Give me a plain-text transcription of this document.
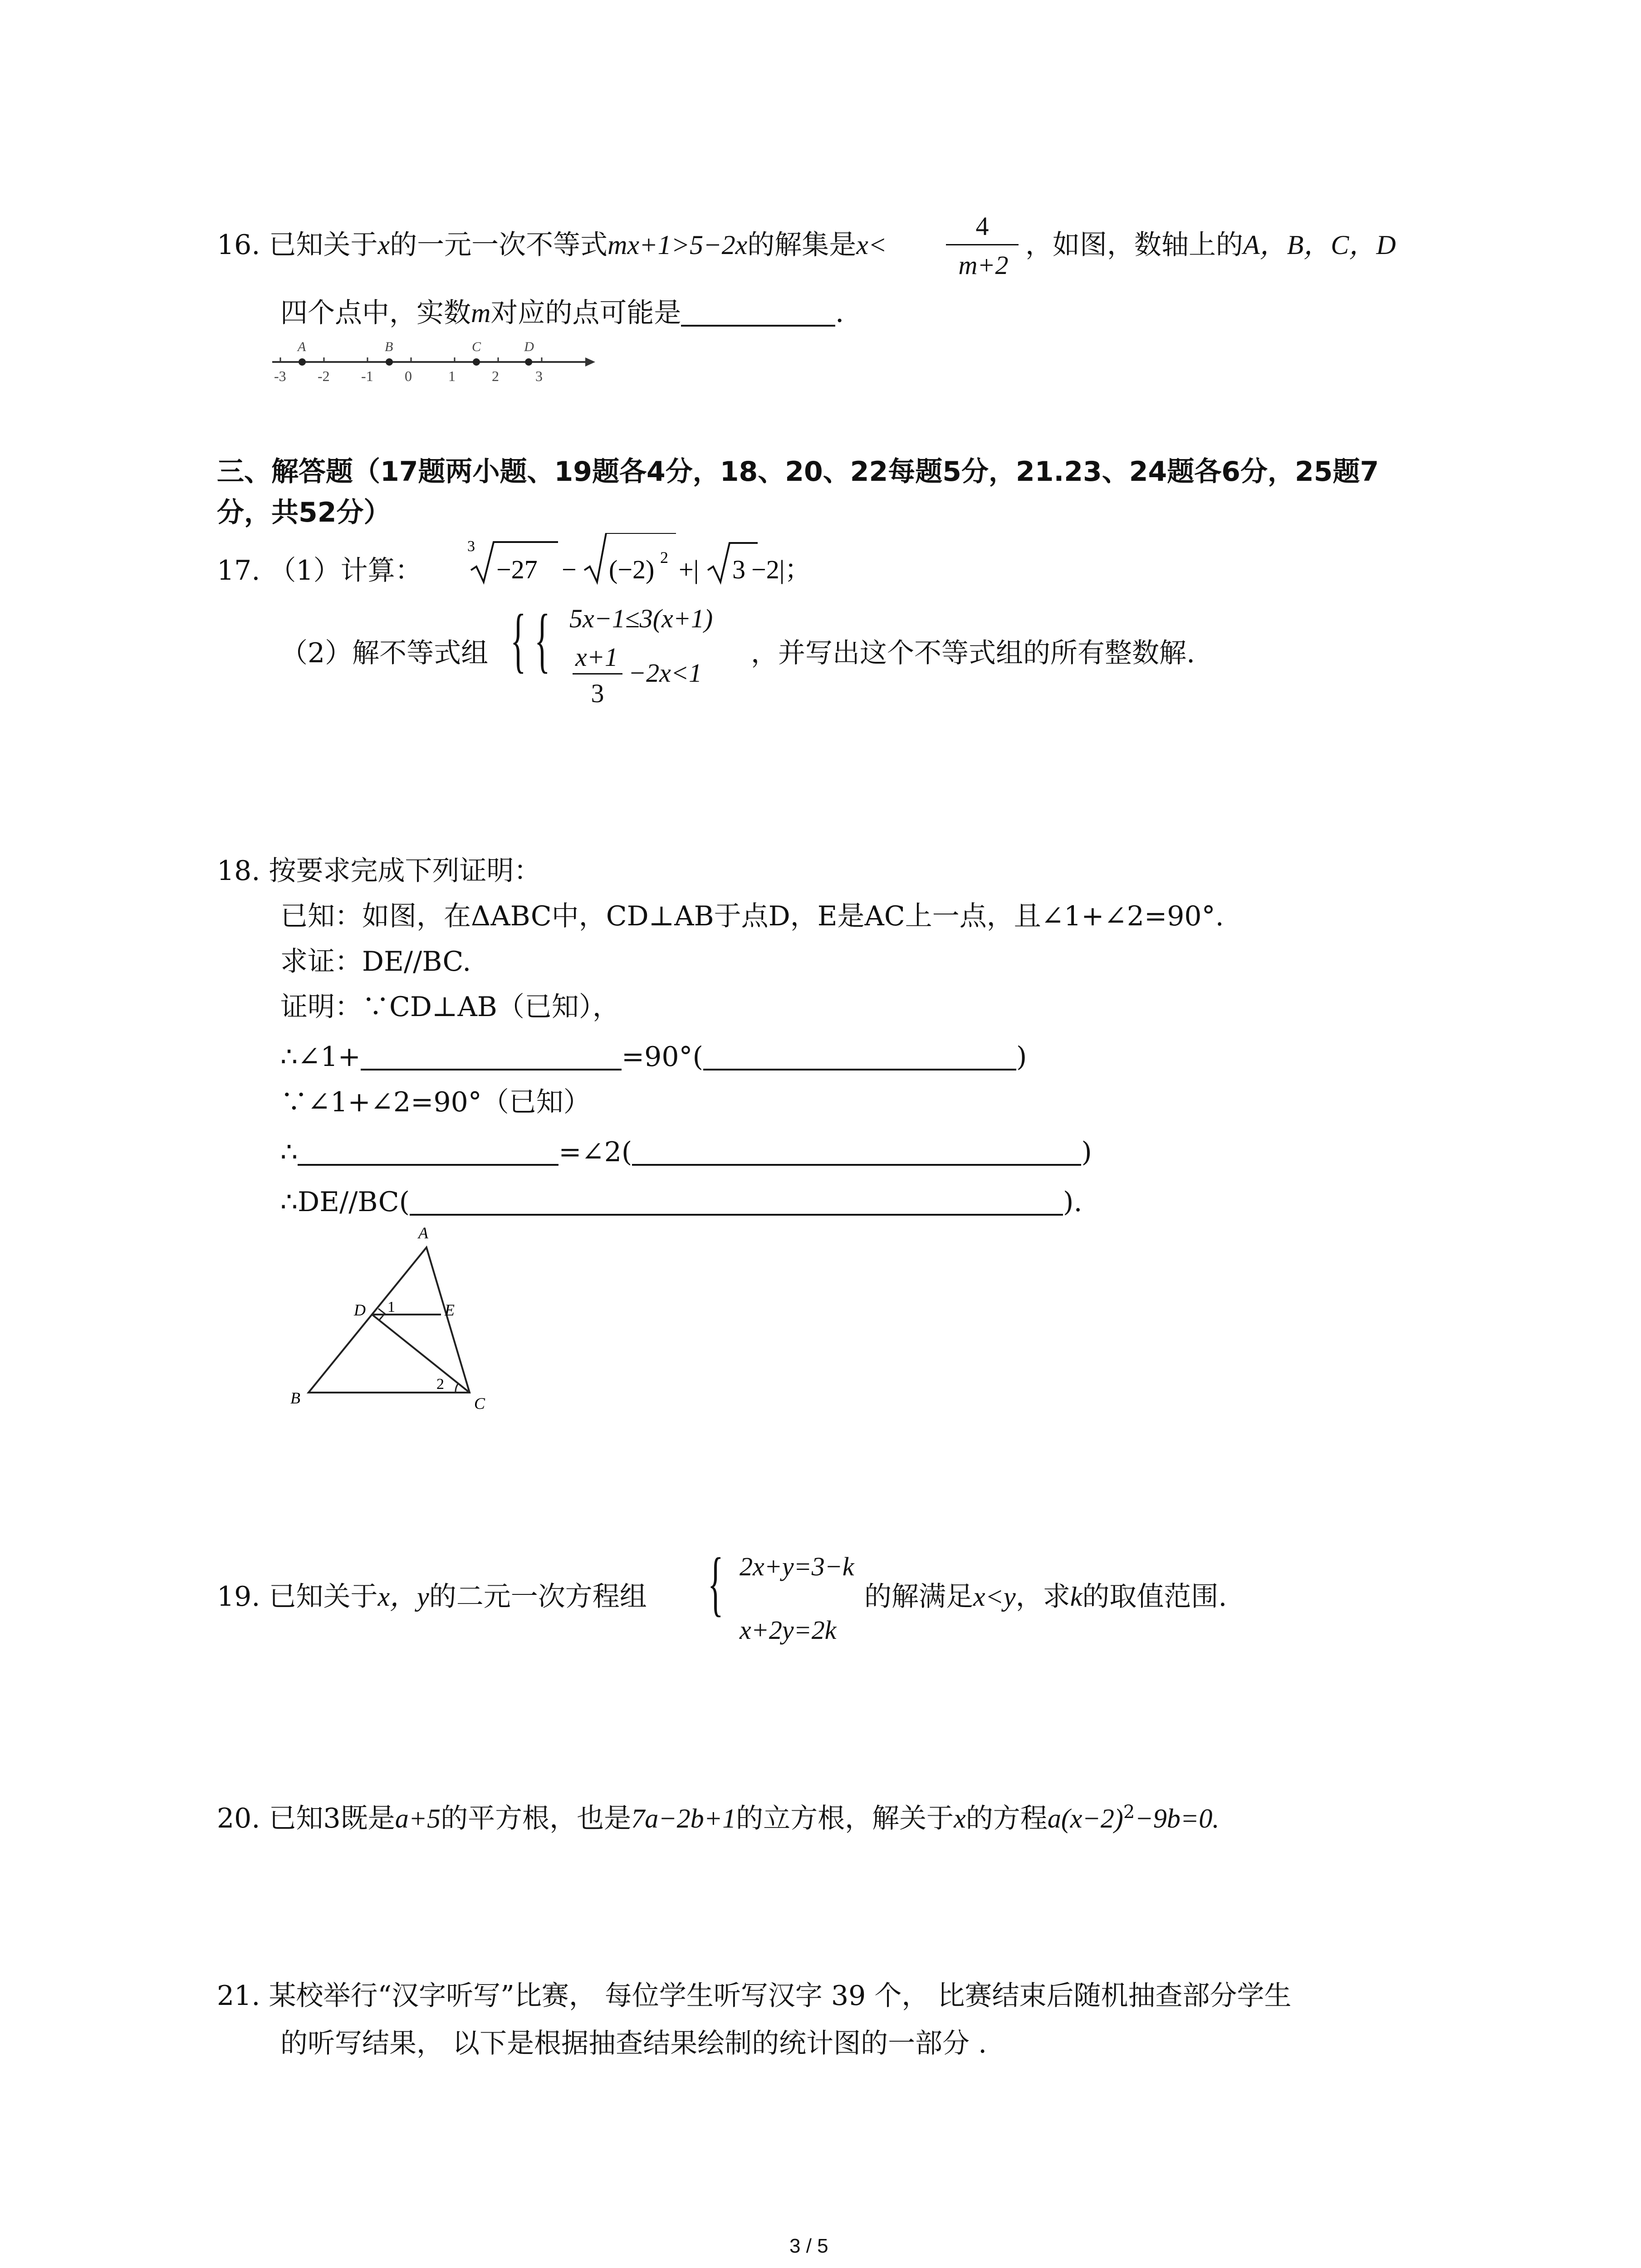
16. 已知关于x的一元一次不等式mx+1>5−2x的解集是x<
4
m+2
，如图，数轴上的A，B，C，D
四个点中，实数m对应的点可能是	．
-3 -2 -1 0	1	2	3
A	B	C	D
三、解答题（17题两小题、19题各4分，18、20、22每题5分，21.23、24题各6分，25题7
分，共52分）
17. （1）计算：
3
−27 − (−2) 2 +| 3 −2|；
（2）解不等式组 { { 5x−1≤3(x+1)
x+1
3
−2x<1
，并写出这个不等式组的所有整数解.
18. 按要求完成下列证明：
已知：如图，在ΔABC中，CD⊥AB于点D，E是AC上一点，且∠1+∠2=90°.
求证：DE//BC.
证明：∵CD⊥AB（已知），
∴∠1+	=90°(	)
∵∠1+∠2=90°（已知）
∴	=∠2(	)
∴DE//BC(	).
A
B	C
D	E
1
2
19. 已知关于x，y的二元一次方程组 { 2x+y=3−k
x+2y=2k
的解满足x<y，求k的取值范围.
20. 已知3既是a+5的平方根，也是7a−2b+1的立方根，解关于x的方程$a(x-2)^2-9b=0$.
21. 某校举行“汉字听写”比赛， 每位学生听写汉字 39 个， 比赛结束后随机抽查部分学生
的听写结果， 以下是根据抽查结果绘制的统计图的一部分 .
3 / 5
